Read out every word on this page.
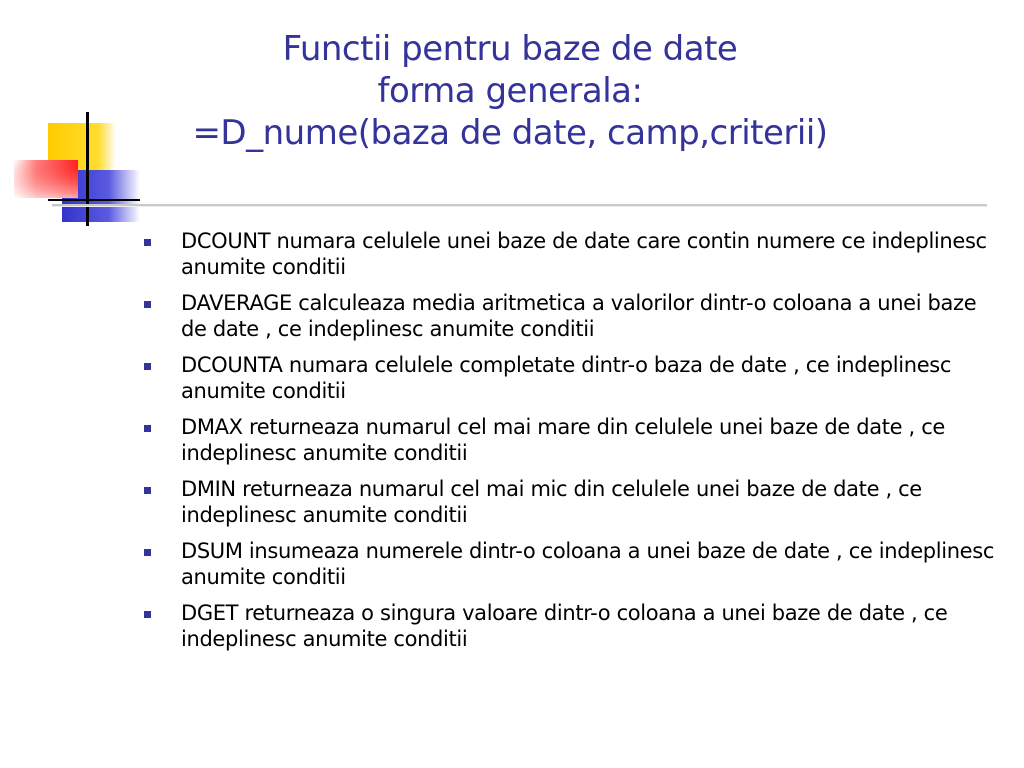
Functii pentru baze de date
forma generala:
=D_nume(baza de date, camp,criterii)
DCOUNT numara celulele unei baze de date care contin numere ce indeplinesc anumite conditii
DAVERAGE calculeaza media aritmetica a valorilor dintr-o coloana a unei baze de date , ce indeplinesc anumite conditii
DCOUNTA numara celulele completate dintr-o baza de date , ce indeplinesc anumite conditii
DMAX returneaza numarul cel mai mare din celulele unei baze de date , ce indeplinesc anumite conditii
DMIN returneaza numarul cel mai mic din celulele unei baze de date , ce indeplinesc anumite conditii
DSUM insumeaza numerele dintr-o coloana a unei baze de date , ce indeplinesc anumite conditii
DGET returneaza o singura valoare dintr-o coloana a unei baze de date , ce indeplinesc anumite conditii
